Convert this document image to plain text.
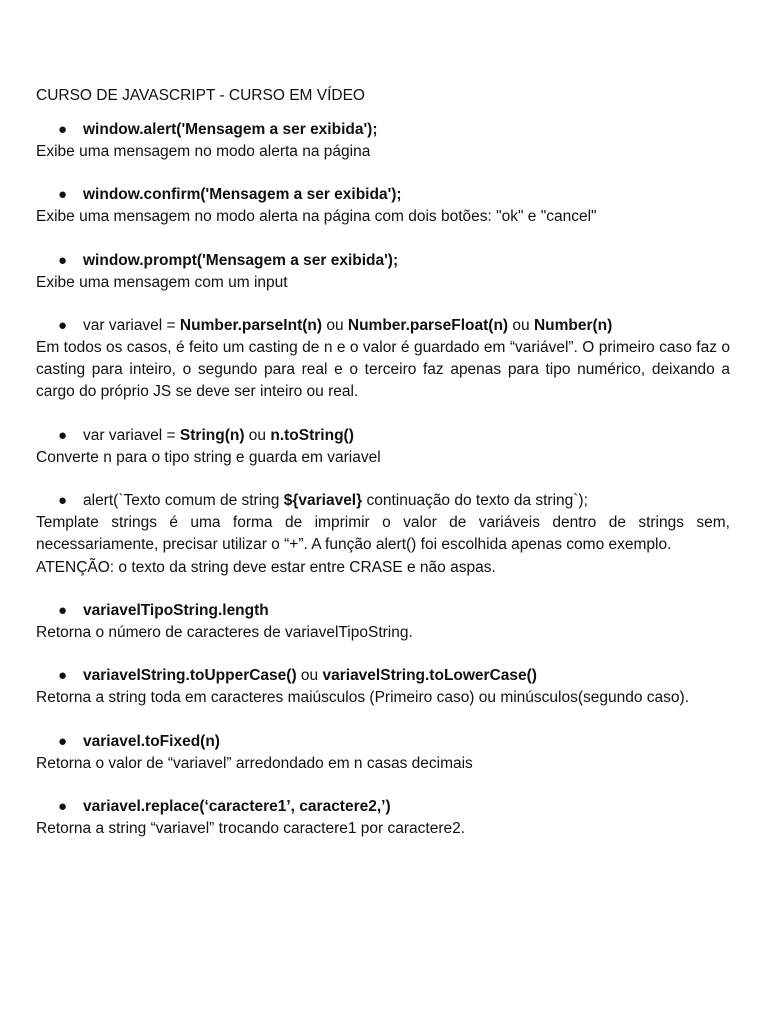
CURSO DE JAVASCRIPT - CURSO EM VÍDEO
● window.alert('Mensagem a ser exibida');
Exibe uma mensagem no modo alerta na página
● window.confirm('Mensagem a ser exibida');
Exibe uma mensagem no modo alerta na página com dois botões: "ok" e "cancel"
● window.prompt('Mensagem a ser exibida');
Exibe uma mensagem com um input
● var variavel = Number.parseInt(n) ou Number.parseFloat(n) ou Number(n)
Em todos os casos, é feito um casting de n e o valor é guardado em “variável”. O primeiro caso faz o casting para inteiro, o segundo para real e o terceiro faz apenas para tipo numérico, deixando a cargo do próprio JS se deve ser inteiro ou real.
● var variavel = String(n) ou n.toString()
Converte n para o tipo string e guarda em variavel
● alert(`Texto comum de string ${variavel} continuação do texto da string`);
Template strings é uma forma de imprimir o valor de variáveis dentro de strings sem, necessariamente, precisar utilizar o “+”. A função alert() foi escolhida apenas como exemplo.
ATENÇÃO: o texto da string deve estar entre CRASE e não aspas.
● variavelTipoString.length
Retorna o número de caracteres de variavelTipoString.
● variavelString.toUpperCase() ou variavelString.toLowerCase()
Retorna a string toda em caracteres maiúsculos (Primeiro caso) ou minúsculos(segundo caso).
● variavel.toFixed(n)
Retorna o valor de “variavel” arredondado em n casas decimais
● variavel.replace(‘caractere1’, caractere2,’)
Retorna a string “variavel” trocando caractere1 por caractere2.
